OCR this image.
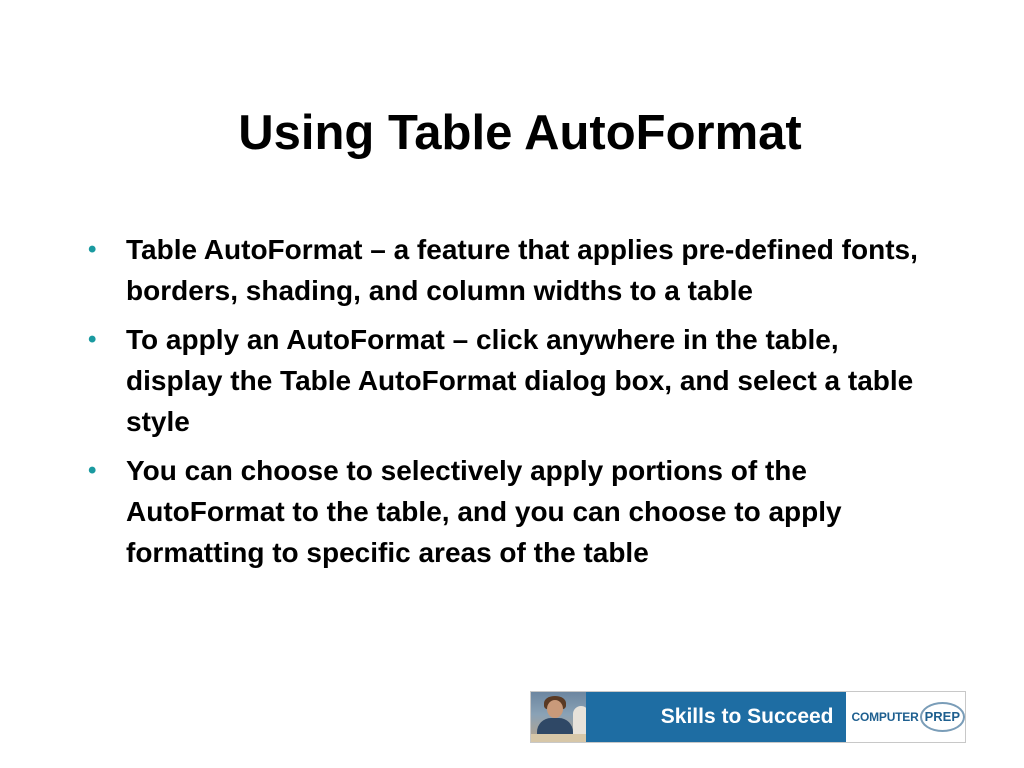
Using Table AutoFormat
• Table AutoFormat – a feature that applies pre-defined fonts, borders, shading, and column widths to a table
• To apply an AutoFormat – click anywhere in the table, display the Table AutoFormat dialog box, and select a table style
• You can choose to selectively apply portions of the AutoFormat to the table, and you can choose to apply formatting to specific areas of the table
Skills to Succeed COMPUTER PREP
